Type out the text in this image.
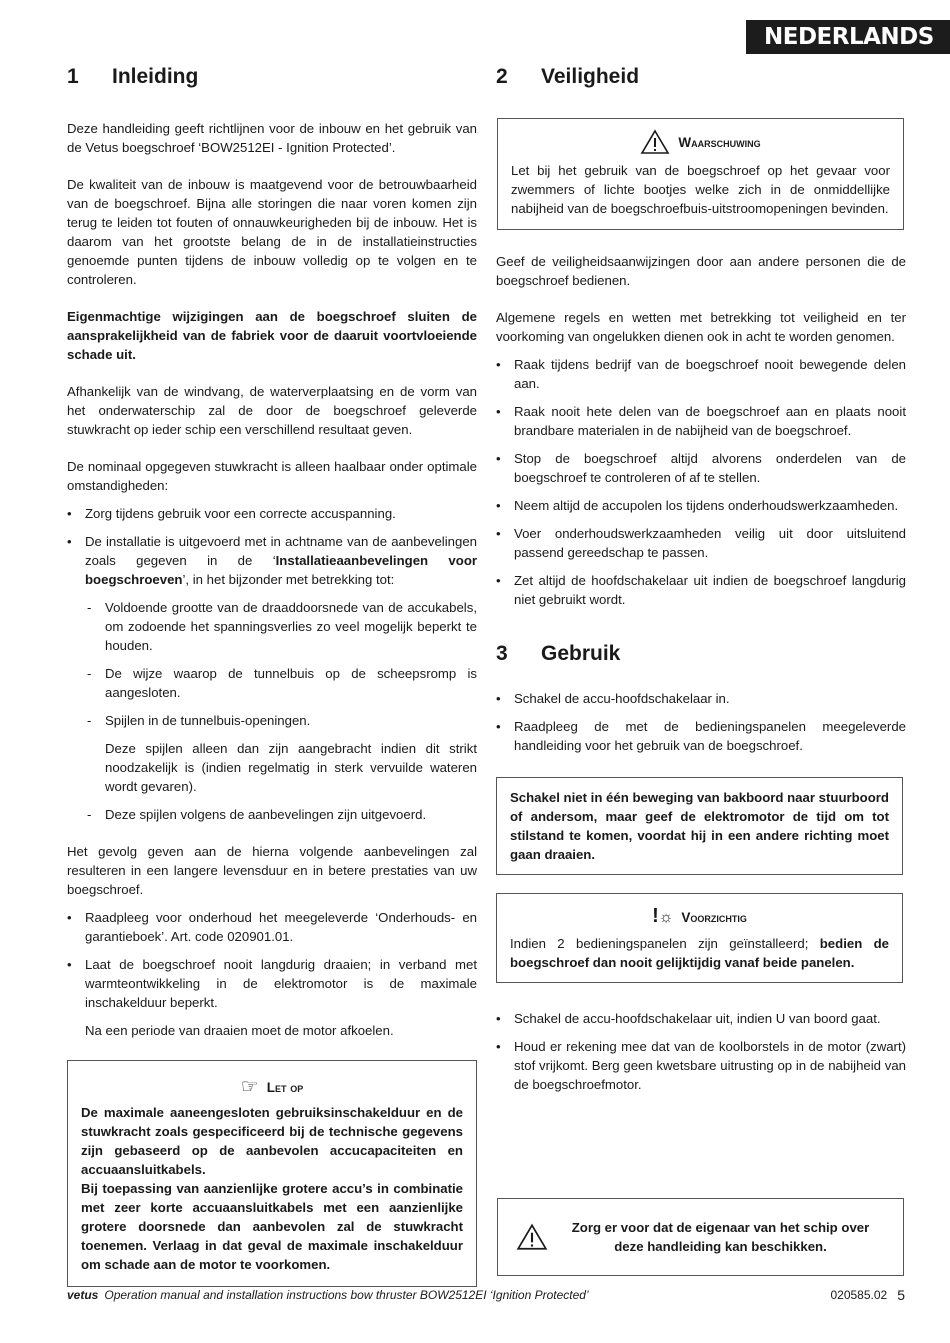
NEDERLANDS
1	Inleiding

Deze handleiding geeft richtlijnen voor de inbouw en het gebruik van de Vetus boegschroef ‘BOW2512EI - Ignition Protected’.

De kwaliteit van de inbouw is maatgevend voor de betrouwbaarheid van de boegschroef. Bijna alle storingen die naar voren komen zijn terug te leiden tot fouten of onnauwkeurigheden bij de inbouw. Het is daarom van het grootste belang de in de installatieinstructies genoemde punten tijdens de inbouw volledig op te volgen en te controleren.

Eigenmachtige wijzigingen aan de boegschroef sluiten de aansprakelijkheid van de fabriek voor de daaruit voortvloeiende schade uit.

Afhankelijk van de windvang, de waterverplaatsing en de vorm van het onderwaterschip zal de door de boegschroef geleverde stuwkracht op ieder schip een verschillend resultaat geven.

De nominaal opgegeven stuwkracht is alleen haalbaar onder optimale omstandigheden:

• Zorg tijdens gebruik voor een correcte accuspanning.
• De installatie is uitgevoerd met in achtname van de aanbevelingen zoals gegeven in de ‘Installatieaanbevelingen voor boegschroeven’, in het bijzonder met betrekking tot:
- Voldoende grootte van de draaddoorsnede van de accukabels, om zodoende het spanningsverlies zo veel mogelijk beperkt te houden.
- De wijze waarop de tunnelbuis op de scheepsromp is aangesloten.
- Spijlen in de tunnelbuis-openingen.
Deze spijlen alleen dan zijn aangebracht indien dit strikt noodzakelijk is (indien regelmatig in sterk vervuilde wateren wordt gevaren).
- Deze spijlen volgens de aanbevelingen zijn uitgevoerd.

Het gevolg geven aan de hierna volgende aanbevelingen zal resulteren in een langere levensduur en in betere prestaties van uw boegschroef.

• Raadpleeg voor onderhoud het meegeleverde ‘Onderhouds- en garantieboek’. Art. code 020901.01.
• Laat de boegschroef nooit langdurig draaien; in verband met warmteontwikkeling in de elektromotor is de maximale inschakelduur beperkt.
Na een periode van draaien moet de motor afkoelen.
☞ Let op

De maximale aaneengesloten gebruiksinschakelduur en de stuwkracht zoals gespecificeerd bij de technische gegevens zijn gebaseerd op de aanbevolen accucapaciteiten en accuaansluitkabels.

Bij toepassing van aanzienlijke grotere accu’s in combinatie met zeer korte accuaansluitkabels met een aanzienlijke grotere doorsnede dan aanbevolen zal de stuwkracht toenemen. Verlaag in dat geval de maximale inschakelduur om schade aan de motor te voorkomen.

2	Veiligheid
Waarschuwing

Let bij het gebruik van de boegschroef op het gevaar voor zwemmers of lichte bootjes welke zich in de onmiddellijke nabijheid van de boegschroefbuis-uitstroomopeningen bevinden.

Geef de veiligheidsaanwijzingen door aan andere personen die de boegschroef bedienen.

Algemene regels en wetten met betrekking tot veiligheid en ter voorkoming van ongelukken dienen ook in acht te worden genomen.

• Raak tijdens bedrijf van de boegschroef nooit bewegende delen aan.
• Raak nooit hete delen van de boegschroef aan en plaats nooit brandbare materialen in de nabijheid van de boegschroef.
• Stop de boegschroef altijd alvorens onderdelen van de boegschroef te controleren of af te stellen.
• Neem altijd de accupolen los tijdens onderhoudswerkzaamheden.
• Voer onderhoudswerkzaamheden veilig uit door uitsluitend passend gereedschap te passen.
• Zet altijd de hoofdschakelaar uit indien de boegschroef langdurig niet gebruikt wordt.
3	Gebruik
• Schakel de accu-hoofdschakelaar in.
• Raadpleeg de met de bedieningspanelen meegeleverde handleiding voor het gebruik van de boegschroef.

Schakel niet in één beweging van bakboord naar stuurboord of andersom, maar geef de elektromotor de tijd om tot stilstand te komen, voordat hij in een andere richting moet gaan draaien.

!☼ Voorzichtig

Indien 2 bedieningspanelen zijn geïnstalleerd; bedien de boegschroef dan nooit gelijktijdig vanaf beide panelen.

• Schakel de accu-hoofdschakelaar uit, indien U van boord gaat.
• Houd er rekening mee dat van de koolborstels in de motor (zwart) stof vrijkomt. Berg geen kwetsbare uitrusting op in de nabijheid van de boegschroefmotor.

Zorg er voor dat de eigenaar van het schip over deze handleiding kan beschikken.

vetus Operation manual and installation instructions bow thruster BOW2512EI ‘Ignition Protected’	020585.02 5
